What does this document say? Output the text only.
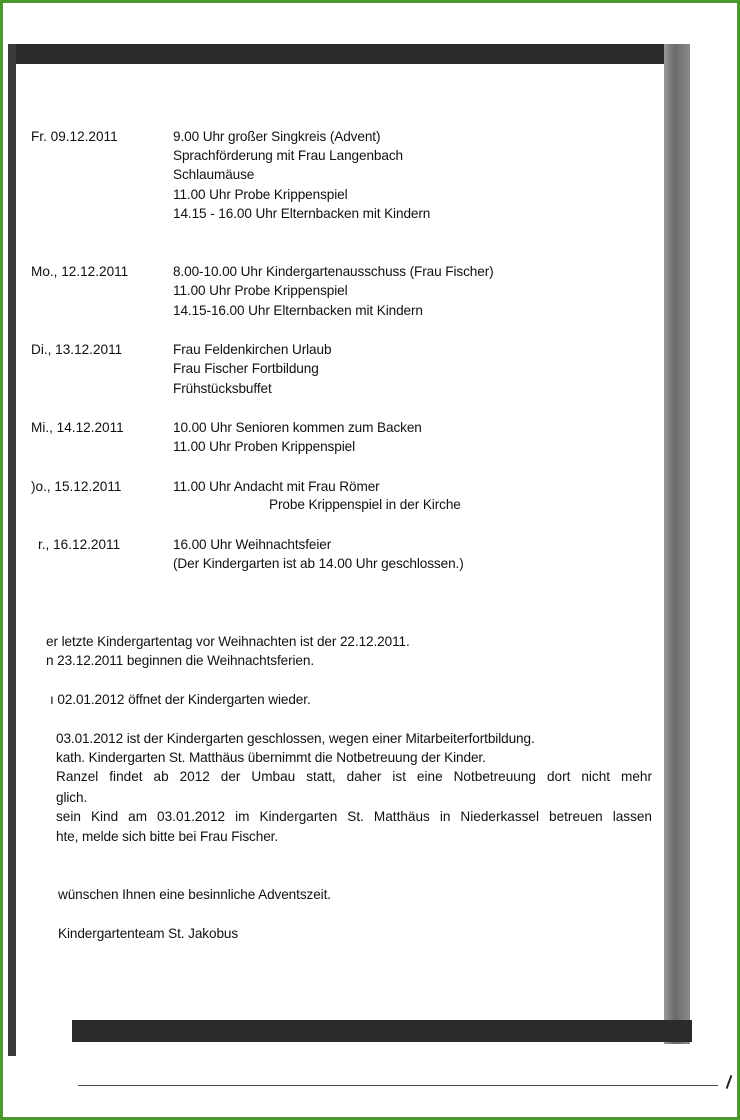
Fr. 09.12.2011	9.00 Uhr großer Singkreis (Advent)
Sprachförderung mit Frau Langenbach
Schlaumäuse
11.00 Uhr Probe Krippenspiel
14.15 - 16.00 Uhr Elternbacken mit Kindern
Mo., 12.12.2011	8.00-10.00 Uhr Kindergartenausschuss (Frau Fischer)
11.00 Uhr Probe Krippenspiel
14.15-16.00 Uhr Elternbacken mit Kindern
Di., 13.12.2011	Frau Feldenkirchen Urlaub
Frau Fischer Fortbildung
Frühstücksbuffet
Mi., 14.12.2011	10.00 Uhr Senioren kommen zum Backen
11.00 Uhr Proben Krippenspiel
)o., 15.12.2011	11.00 Uhr Andacht mit Frau Römer
Probe Krippenspiel in der Kirche
r., 16.12.2011	16.00 Uhr Weihnachtsfeier
(Der Kindergarten ist ab 14.00 Uhr geschlossen.)
er letzte Kindergartentag vor Weihnachten ist der 22.12.2011.
n 23.12.2011 beginnen die Weihnachtsferien.
ı 02.01.2012 öffnet der Kindergarten wieder.
03.01.2012 ist der Kindergarten geschlossen, wegen einer Mitarbeiterfortbildung.
kath. Kindergarten St. Matthäus übernimmt die Notbetreuung der Kinder.
Ranzel findet ab 2012 der Umbau statt, daher ist eine Notbetreuung dort nicht mehr
glich.
sein Kind am 03.01.2012 im Kindergarten St. Matthäus in Niederkassel betreuen lassen
hte, melde sich bitte bei Frau Fischer.
wünschen Ihnen eine besinnliche Adventszeit.
Kindergartenteam St. Jakobus
